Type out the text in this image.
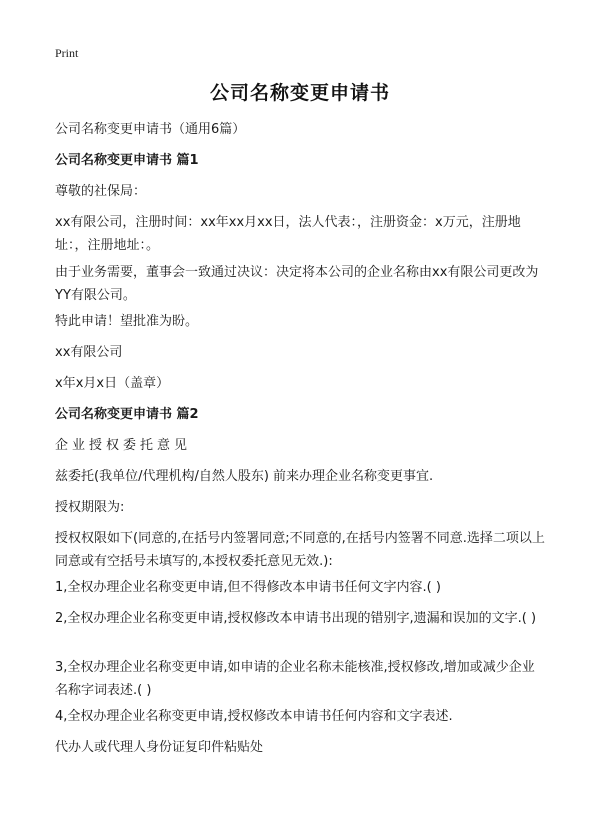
Print
公司名称变更申请书
公司名称变更申请书（通用6篇）
公司名称变更申请书 篇1
尊敬的社保局：
xx有限公司，注册时间：xx年xx月xx日，法人代表：，注册资金：x万元，注册地址：，注册地址：。
由于业务需要，董事会一致通过决议：决定将本公司的企业名称由xx有限公司更改为YY有限公司。
特此申请！望批准为盼。
xx有限公司
x年x月x日（盖章）
公司名称变更申请书 篇2
企业授权委托意见
兹委托(我单位/代理机构/自然人股东) 前来办理企业名称变更事宜.
授权期限为:
授权权限如下(同意的,在括号内签署同意;不同意的,在括号内签署不同意.选择二项以上同意或有空括号未填写的,本授权委托意见无效.):
1,全权办理企业名称变更申请,但不得修改本申请书任何文字内容.( )
2,全权办理企业名称变更申请,授权修改本申请书出现的错别字,遗漏和误加的文字.( )
3,全权办理企业名称变更申请,如申请的企业名称未能核准,授权修改,增加或减少企业名称字词表述.( )
4,全权办理企业名称变更申请,授权修改本申请书任何内容和文字表述.
代办人或代理人身份证复印件粘贴处
